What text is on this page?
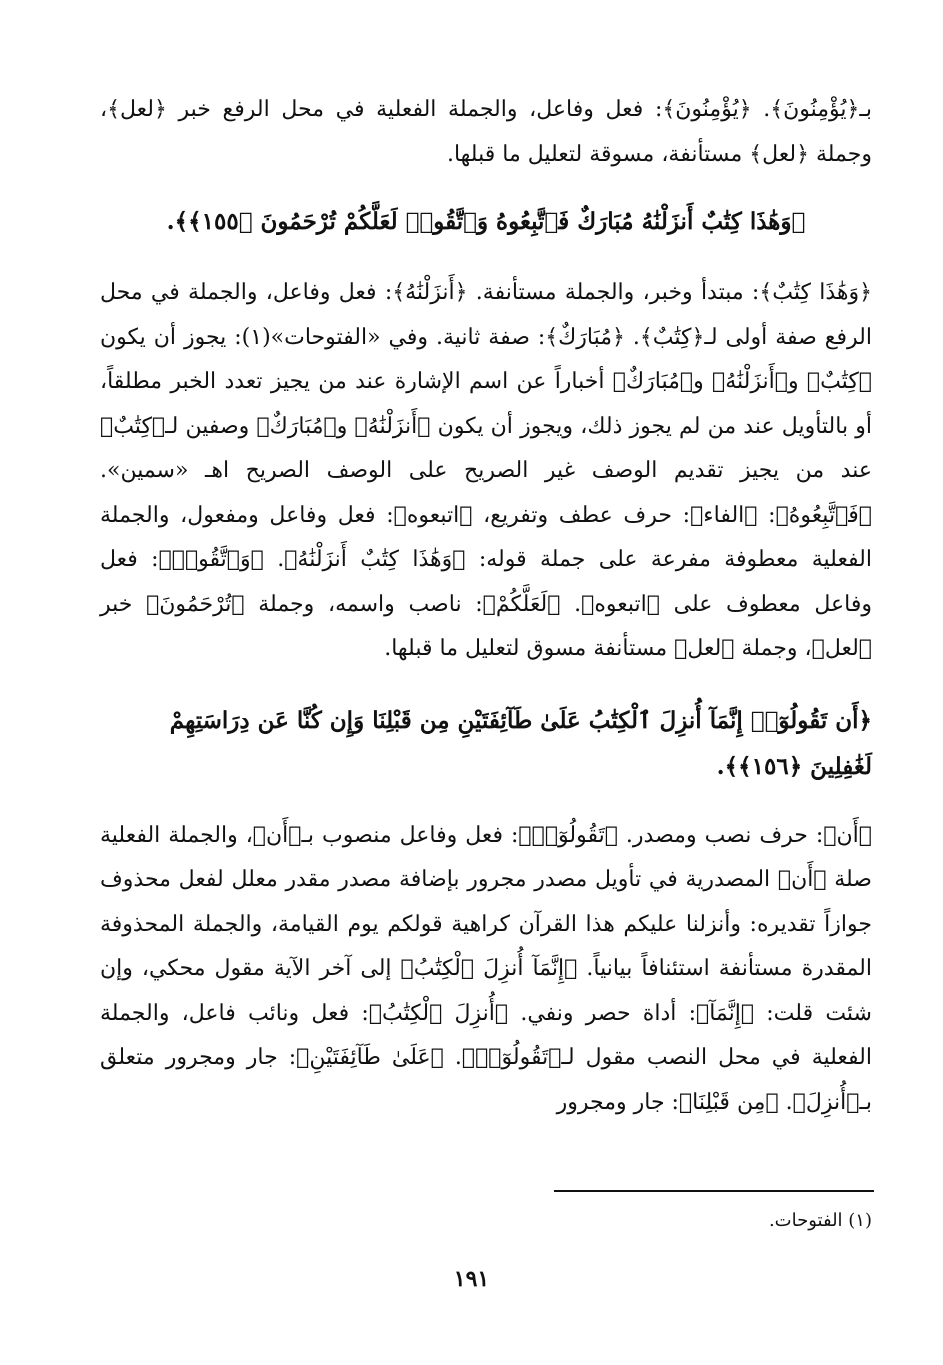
بـ﴿يُؤْمِنُونَ﴾. ﴿يُؤْمِنُونَ﴾: فعل وفاعل، والجملة الفعلية في محل الرفع خبر ﴿لعل﴾، وجملة ﴿لعل﴾ مستأنفة، مسوقة لتعليل ما قبلها.

﴿وَهَٰذَا كِتَٰبٌ أَنزَلْنَٰهُ مُبَارَكٌ فَٱتَّبِعُوهُ وَٱتَّقُوا۟ لَعَلَّكُمْ تُرْحَمُونَ ﴿١٥٥﴾﴾.

﴿وَهَٰذَا كِتَٰبٌ﴾: مبتدأ وخبر، والجملة مستأنفة. ﴿أَنزَلْنَٰهُ﴾: فعل وفاعل، والجملة في محل الرفع صفة أولى لـ﴿كِتَٰبٌ﴾. ﴿مُبَارَكٌ﴾: صفة ثانية. وفي «الفتوحات»(١): يجوز أن يكون ﴿كِتَٰبٌ﴾ و﴿أَنزَلْنَٰهُ﴾ و﴿مُبَارَكٌ﴾ أخباراً عن اسم الإشارة عند من يجيز تعدد الخبر مطلقاً، أو بالتأويل عند من لم يجوز ذلك، ويجوز أن يكون ﴿أَنزَلْنَٰهُ﴾ و﴿مُبَارَكٌ﴾ وصفين لـ﴿كِتَٰبٌ﴾ عند من يجيز تقديم الوصف غير الصريح على الوصف الصريح اهـ «سمين». ﴿فَٱتَّبِعُوهُ﴾: ﴿الفاء﴾: حرف عطف وتفريع، ﴿اتبعوه﴾: فعل وفاعل ومفعول، والجملة الفعلية معطوفة مفرعة على جملة قوله: ﴿وَهَٰذَا كِتَٰبٌ أَنزَلْنَٰهُ﴾. ﴿وَٱتَّقُوا۟﴾: فعل وفاعل معطوف على ﴿اتبعوه﴾. ﴿لَعَلَّكُمْ﴾: ناصب واسمه، وجملة ﴿تُرْحَمُونَ﴾ خبر ﴿لعل﴾، وجملة ﴿لعل﴾ مستأنفة مسوق لتعليل ما قبلها.

﴿أَن تَقُولُوٓا۟ إِنَّمَآ أُنزِلَ ٱلْكِتَٰبُ عَلَىٰ طَآئِفَتَيْنِ مِن قَبْلِنَا وَإِن كُنَّا عَن دِرَاسَتِهِمْ لَغَٰفِلِينَ ﴿١٥٦﴾﴾.

﴿أَن﴾: حرف نصب ومصدر. ﴿تَقُولُوٓا۟﴾: فعل وفاعل منصوب بـ﴿أَن﴾، والجملة الفعلية صلة ﴿أَن﴾ المصدرية في تأويل مصدر مجرور بإضافة مصدر مقدر معلل لفعل محذوف جوازاً تقديره: وأنزلنا عليكم هذا القرآن كراهية قولكم يوم القيامة، والجملة المحذوفة المقدرة مستأنفة استئنافاً بيانياً. ﴿إِنَّمَآ أُنزِلَ ٱلْكِتَٰبُ﴾ إلى آخر الآية مقول محكي، وإن شئت قلت: ﴿إِنَّمَآ﴾: أداة حصر ونفي. ﴿أُنزِلَ ٱلْكِتَٰبُ﴾: فعل ونائب فاعل، والجملة الفعلية في محل النصب مقول لـ﴿تَقُولُوٓا۟﴾. ﴿عَلَىٰ طَآئِفَتَيْنِ﴾: جار ومجرور متعلق بـ﴿أُنزِلَ﴾. ﴿مِن قَبْلِنَا﴾: جار ومجرور

(١) الفتوحات.
١٩١
